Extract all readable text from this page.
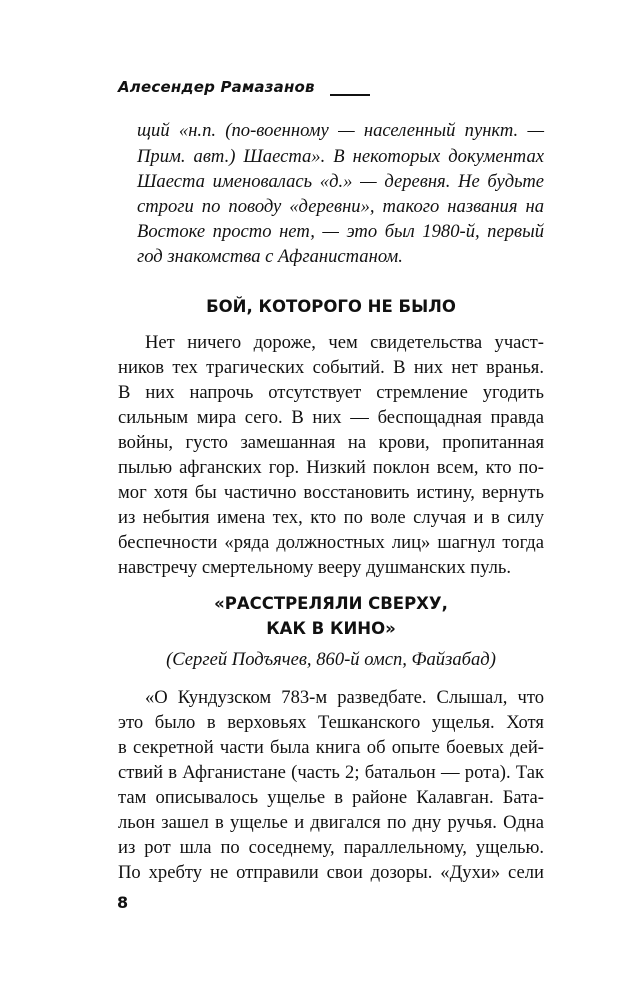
Алесендер Рамазанов
щий «н.п. (по-военному — населенный пункт. —
Прим. авт.) Шаеста». В некоторых документах
Шаеста именовалась «д.» — деревня. Не будьте
строги по поводу «деревни», такого названия на
Востоке просто нет, — это был 1980-й, первый
год знакомства с Афганистаном.
БОЙ, КОТОРОГО НЕ БЫЛО
Нет ничего дороже, чем свидетельства участ-
ников тех трагических событий. В них нет вранья.
В них напрочь отсутствует стремление угодить
сильным мира сего. В них — беспощадная правда
войны, густо замешанная на крови, пропитанная
пылью афганских гор. Низкий поклон всем, кто по-
мог хотя бы частично восстановить истину, вернуть
из небытия имена тех, кто по воле случая и в силу
беспечности «ряда должностных лиц» шагнул тогда
навстречу смертельному вееру душманских пуль.
«РАССТРЕЛЯЛИ СВЕРХУ,
КАК В КИНО»
(Сергей Подъячев, 860-й омсп, Файзабад)
«О Кундузском 783-м разведбате. Слышал, что
это было в верховьях Тешканского ущелья. Хотя
в секретной части была книга об опыте боевых дей-
ствий в Афганистане (часть 2; батальон — рота). Так
там описывалось ущелье в районе Калавган. Бата-
льон зашел в ущелье и двигался по дну ручья. Одна
из рот шла по соседнему, параллельному, ущелью.
По хребту не отправили свои дозоры. «Духи» сели
8
